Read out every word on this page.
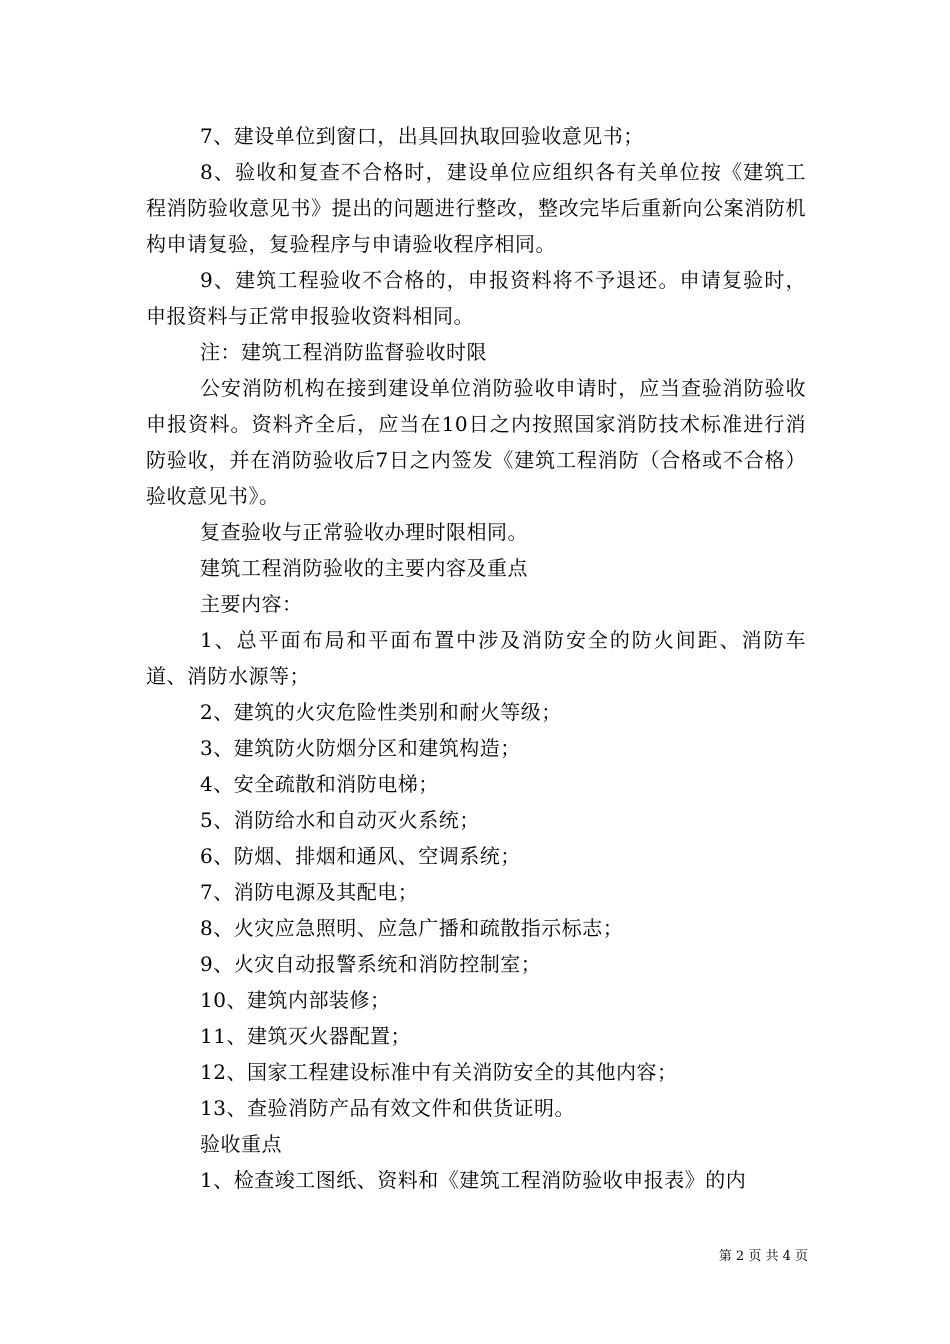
7、建设单位到窗口，出具回执取回验收意见书；

8、验收和复查不合格时，建设单位应组织各有关单位按《建筑工程消防验收意见书》提出的问题进行整改，整改完毕后重新向公案消防机构申请复验，复验程序与申请验收程序相同。

9、建筑工程验收不合格的，申报资料将不予退还。申请复验时，申报资料与正常申报验收资料相同。

注：建筑工程消防监督验收时限

公安消防机构在接到建设单位消防验收申请时，应当查验消防验收申报资料。资料齐全后，应当在10日之内按照国家消防技术标准进行消防验收，并在消防验收后7日之内签发《建筑工程消防（合格或不合格）验收意见书》。

复查验收与正常验收办理时限相同。

建筑工程消防验收的主要内容及重点

主要内容：

1、总平面布局和平面布置中涉及消防安全的防火间距、消防车道、消防水源等；

2、建筑的火灾危险性类别和耐火等级；

3、建筑防火防烟分区和建筑构造；

4、安全疏散和消防电梯；

5、消防给水和自动灭火系统；

6、防烟、排烟和通风、空调系统；

7、消防电源及其配电；

8、火灾应急照明、应急广播和疏散指示标志；

9、火灾自动报警系统和消防控制室；

10、建筑内部装修；

11、建筑灭火器配置；

12、国家工程建设标准中有关消防安全的其他内容；

13、查验消防产品有效文件和供货证明。

验收重点

1、检查竣工图纸、资料和《建筑工程消防验收申报表》的内

第 2 页 共 4 页
